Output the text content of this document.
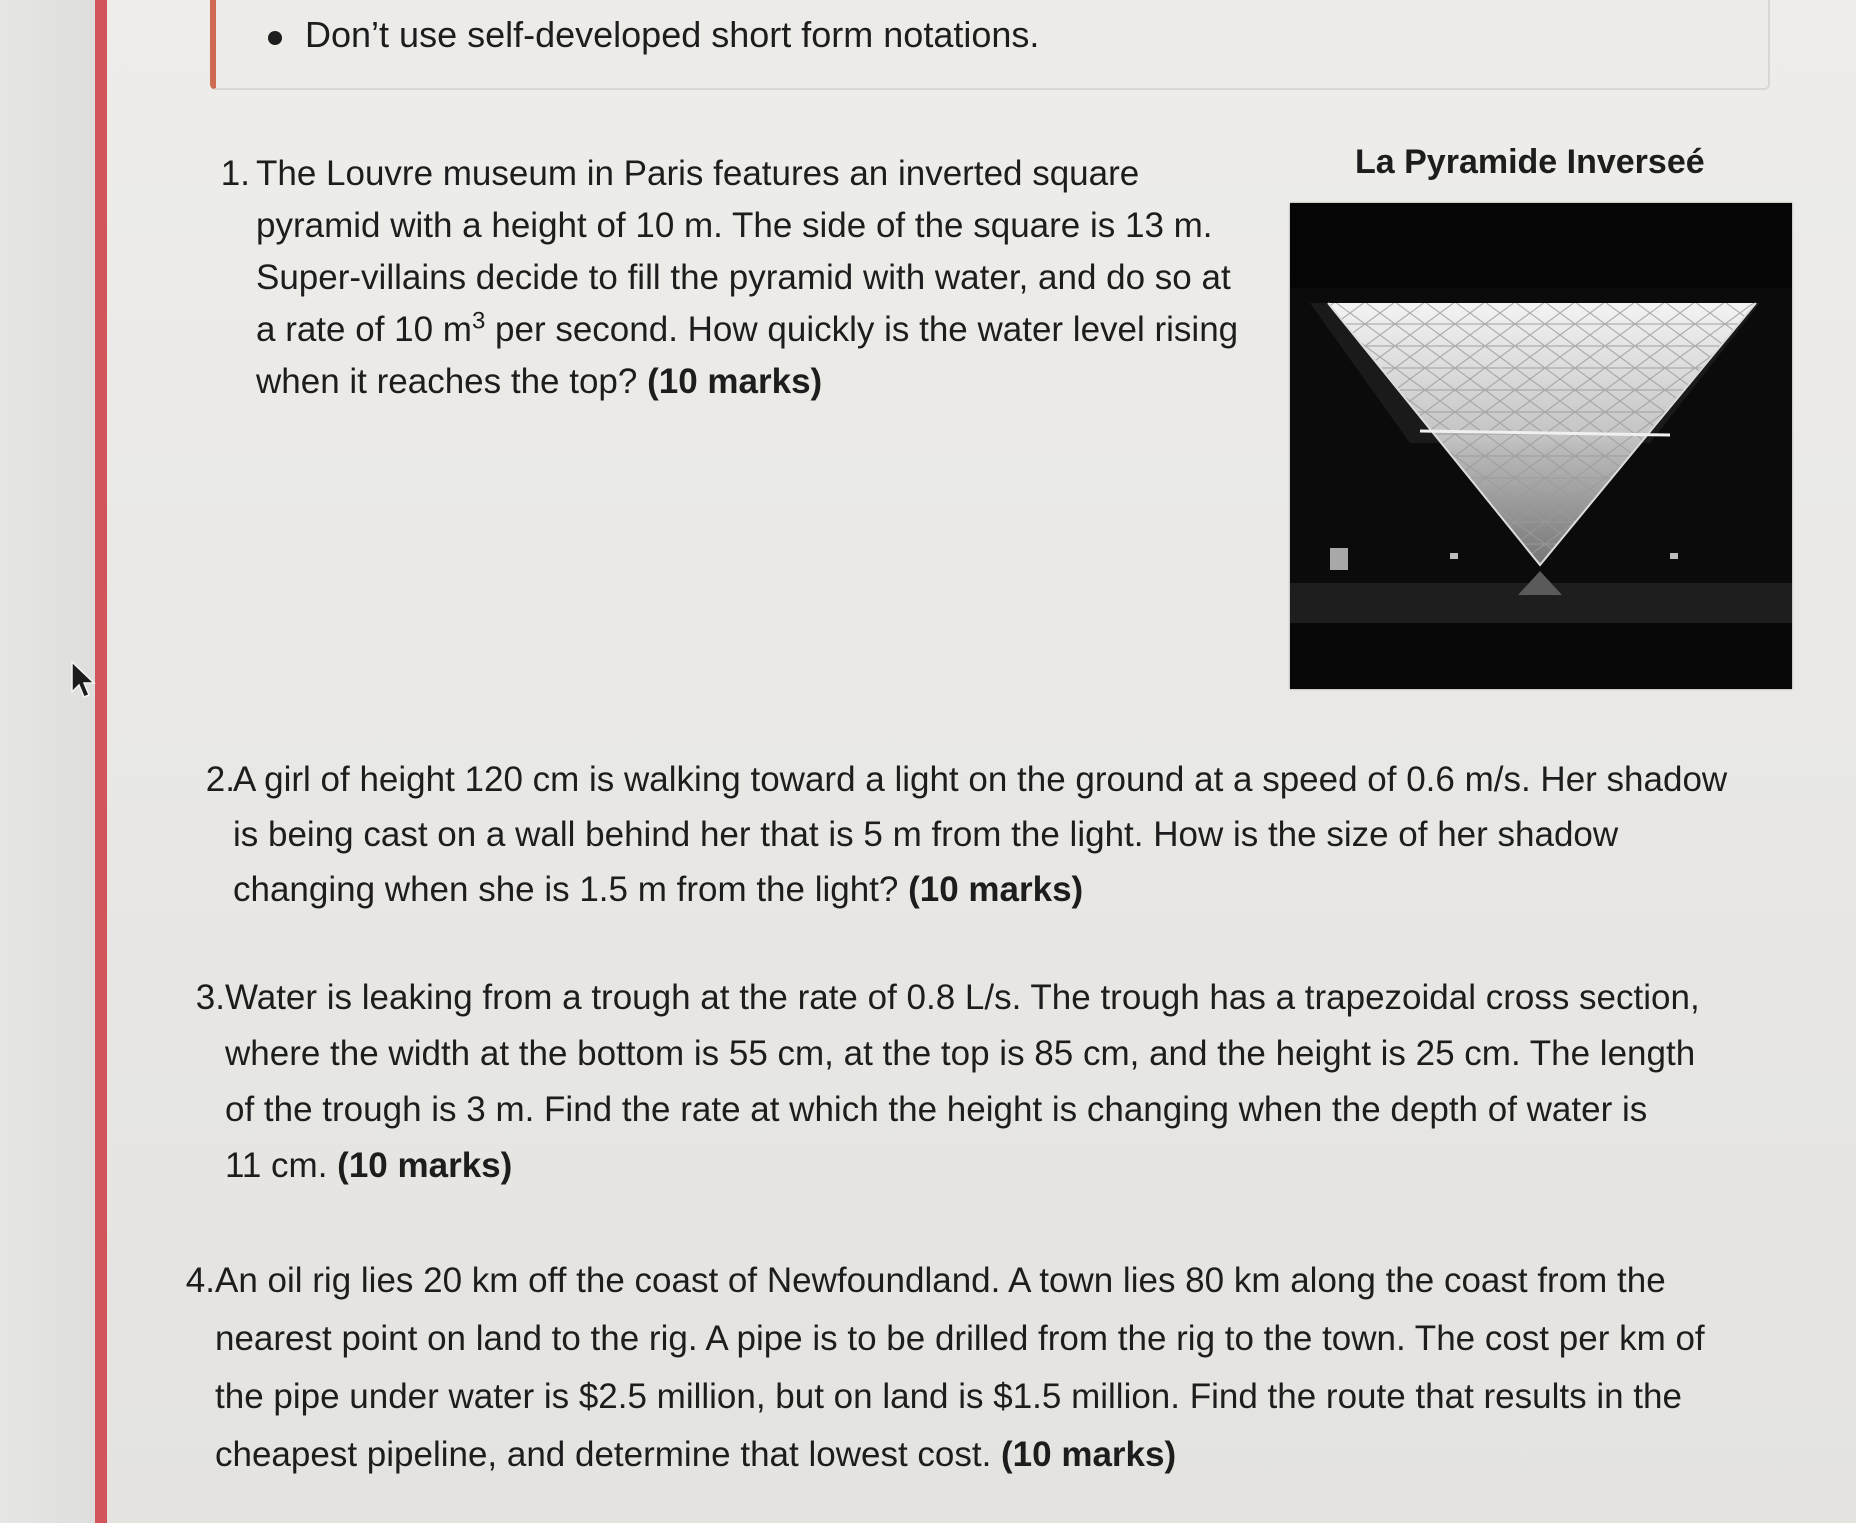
Don’t use self-developed short form notations.
1. The Louvre museum in Paris features an inverted square
pyramid with a height of 10 m. The side of the square is 13 m.
Super-villains decide to fill the pyramid with water, and do so at
a rate of 10 $m^3$ per second. How quickly is the water level rising
when it reaches the top? (10 marks)
La Pyramide Inverseé
2.
A girl of height 120 cm is walking toward a light on the ground at a speed of 0.6 m/s. Her shadow
is being cast on a wall behind her that is 5 m from the light. How is the size of her shadow
changing when she is 1.5 m from the light? (10 marks)
3. Water is leaking from a trough at the rate of 0.8 L/s. The trough has a trapezoidal cross section,
where the width at the bottom is 55 cm, at the top is 85 cm, and the height is 25 cm. The length
of the trough is 3 m. Find the rate at which the height is changing when the depth of water is
11 cm. (10 marks)
4. An oil rig lies 20 km off the coast of Newfoundland. A town lies 80 km along the coast from the
nearest point on land to the rig. A pipe is to be drilled from the rig to the town. The cost per km of
the pipe under water is $2.5 million, but on land is $1.5 million. Find the route that results in the
cheapest pipeline, and determine that lowest cost. (10 marks)
